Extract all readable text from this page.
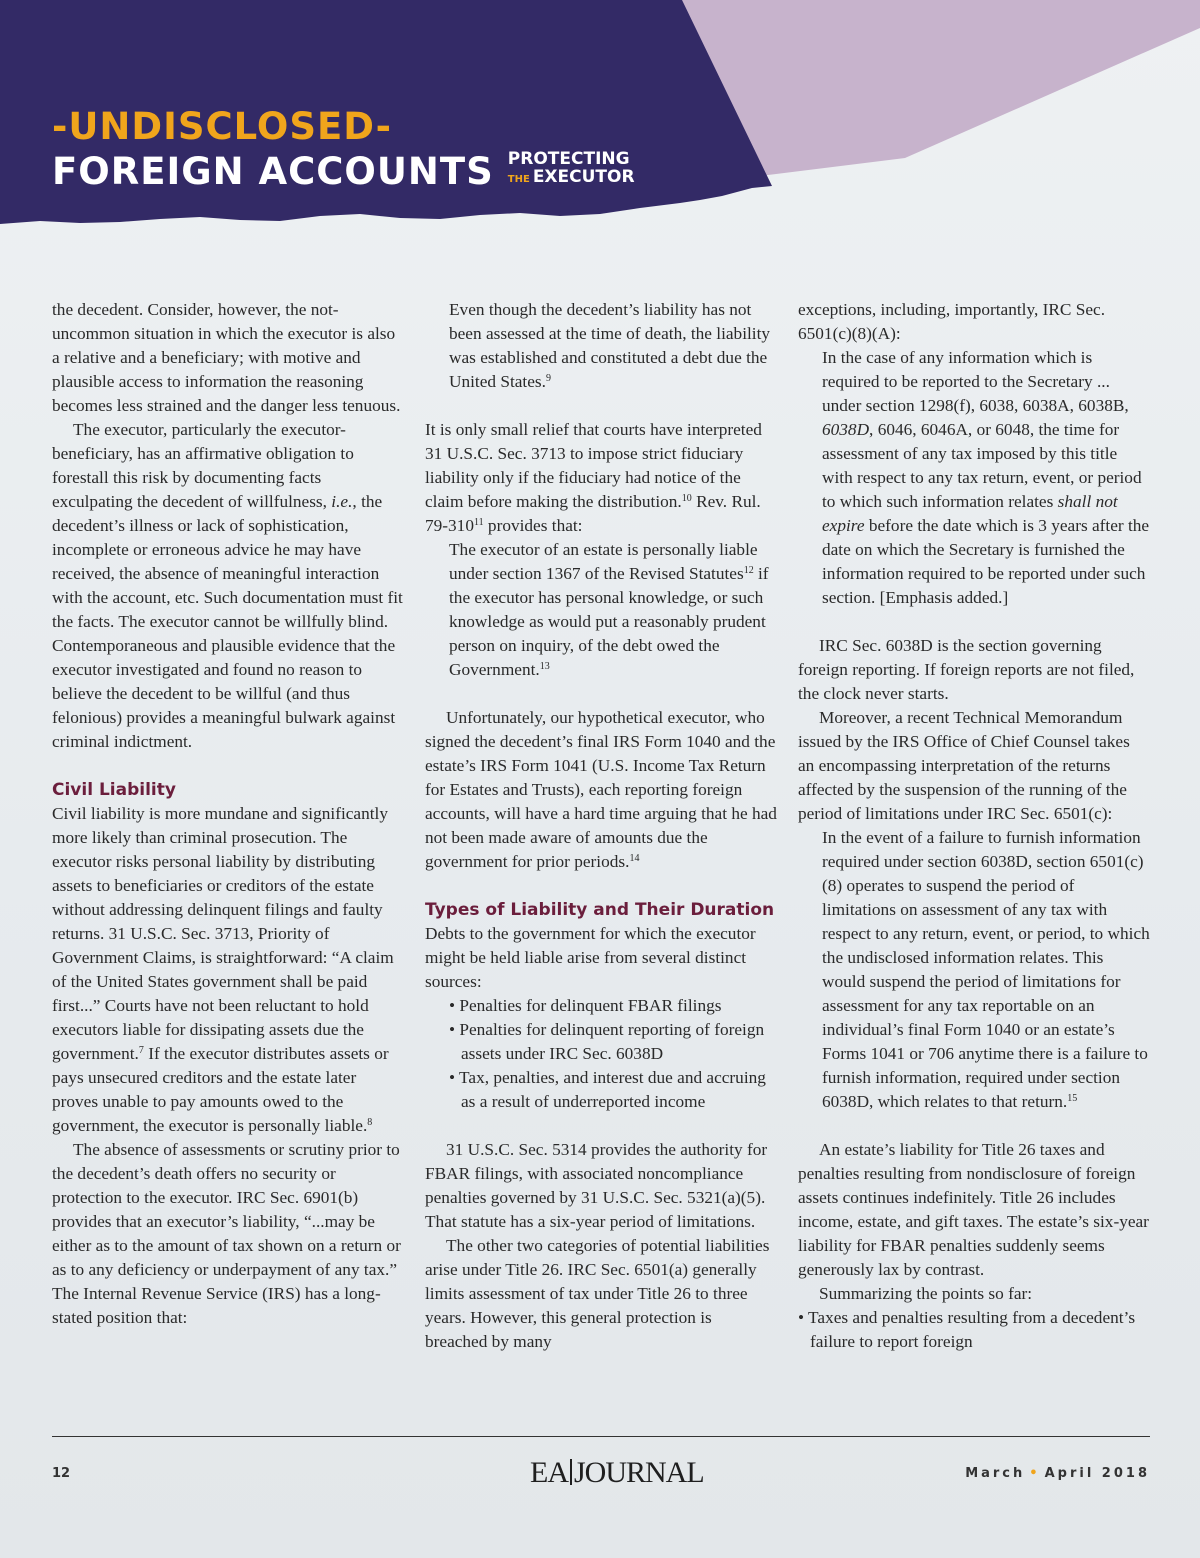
-UNDISCLOSED-
FOREIGN ACCOUNTS PROTECTING
THE EXECUTOR

the decedent. Consider, however, the not-uncommon situation in which the executor is also a relative and a beneficiary; with motive and plausible access to information the reasoning becomes less strained and the danger less tenuous.

The executor, particularly the executor-beneficiary, has an affirmative obligation to forestall this risk by documenting facts exculpating the decedent of willfulness, i.e., the decedent’s illness or lack of sophistication, incomplete or erroneous advice he may have received, the absence of meaningful interaction with the account, etc. Such documentation must fit the facts. The executor cannot be willfully blind. Contemporaneous and plausible evidence that the executor investigated and found no reason to believe the decedent to be willful (and thus felonious) provides a meaningful bulwark against criminal indictment.

Civil Liability

Civil liability is more mundane and significantly more likely than criminal prosecution. The executor risks personal liability by distributing assets to beneficiaries or creditors of the estate without addressing delinquent filings and faulty returns. 31 U.S.C. Sec. 3713, Priority of Government Claims, is straightforward: “A claim of the United States government shall be paid first...” Courts have not been reluctant to hold executors liable for dissipating assets due the government.$^7$ If the executor distributes assets or pays unsecured creditors and the estate later proves unable to pay amounts owed to the government, the executor is personally liable.$^8$

The absence of assessments or scrutiny prior to the decedent’s death offers no security or protection to the executor. IRC Sec. 6901(b) provides that an executor’s liability, “...may be either as to the amount of tax shown on a return or as to any deficiency or underpayment of any tax.” The Internal Revenue Service (IRS) has a long-stated position that:

Even though the decedent’s liability has not been assessed at the time of death, the liability was established and constituted a debt due the United States.$^9$

It is only small relief that courts have interpreted 31 U.S.C. Sec. 3713 to impose strict fiduciary liability only if the fiduciary had notice of the claim before making the distribution.$^{10}$ Rev. Rul. $79-310^{11}$ provides that:

The executor of an estate is personally liable under section 1367 of the Revised Statutes$^{12}$ if the executor has personal knowledge, or such knowledge as would put a reasonably prudent person on inquiry, of the debt owed the Government.$^{13}$

Unfortunately, our hypothetical executor, who signed the decedent’s final IRS Form 1040 and the estate’s IRS Form 1041 (U.S. Income Tax Return for Estates and Trusts), each reporting foreign accounts, will have a hard time arguing that he had not been made aware of amounts due the government for prior periods.$^{14}$

Types of Liability and Their Duration

Debts to the government for which the executor might be held liable arise from several distinct sources:

• Penalties for delinquent FBAR filings

• Penalties for delinquent reporting of foreign assets under IRC Sec. 6038D

• Tax, penalties, and interest due and accruing as a result of underreported income

31 U.S.C. Sec. 5314 provides the authority for FBAR filings, with associated noncompliance penalties governed by 31 U.S.C. Sec. 5321(a)(5). That statute has a six-year period of limitations.

The other two categories of potential liabilities arise under Title 26. IRC Sec. 6501(a) generally limits assessment of tax under Title 26 to three years. However, this general protection is breached by many

exceptions, including, importantly, IRC Sec. 6501(c)(8)(A):

In the case of any information which is required to be reported to the Secretary ... under section 1298(f), 6038, 6038A, 6038B, 6038D, 6046, 6046A, or 6048, the time for assessment of any tax imposed by this title with respect to any tax return, event, or period to which such information relates shall not expire before the date which is 3 years after the date on which the Secretary is furnished the information required to be reported under such section. [Emphasis added.]

IRC Sec. 6038D is the section governing foreign reporting. If foreign reports are not filed, the clock never starts.

Moreover, a recent Technical Memorandum issued by the IRS Office of Chief Counsel takes an encompassing interpretation of the returns affected by the suspension of the running of the period of limitations under IRC Sec. 6501(c):

In the event of a failure to furnish information required under section 6038D, section 6501(c)(8) operates to suspend the period of limitations on assessment of any tax with respect to any return, event, or period, to which the undisclosed information relates. This would suspend the period of limitations for assessment for any tax reportable on an individual’s final Form 1040 or an estate’s Forms 1041 or 706 anytime there is a failure to furnish information, required under section 6038D, which relates to that return.$^{15}$

An estate’s liability for Title 26 taxes and penalties resulting from nondisclosure of foreign assets continues indefinitely. Title 26 includes income, estate, and gift taxes. The estate’s six-year liability for FBAR penalties suddenly seems generously lax by contrast.

Summarizing the points so far:

• Taxes and penalties resulting from a decedent’s failure to report foreign

12	EA JOURNAL	March • April 2018
